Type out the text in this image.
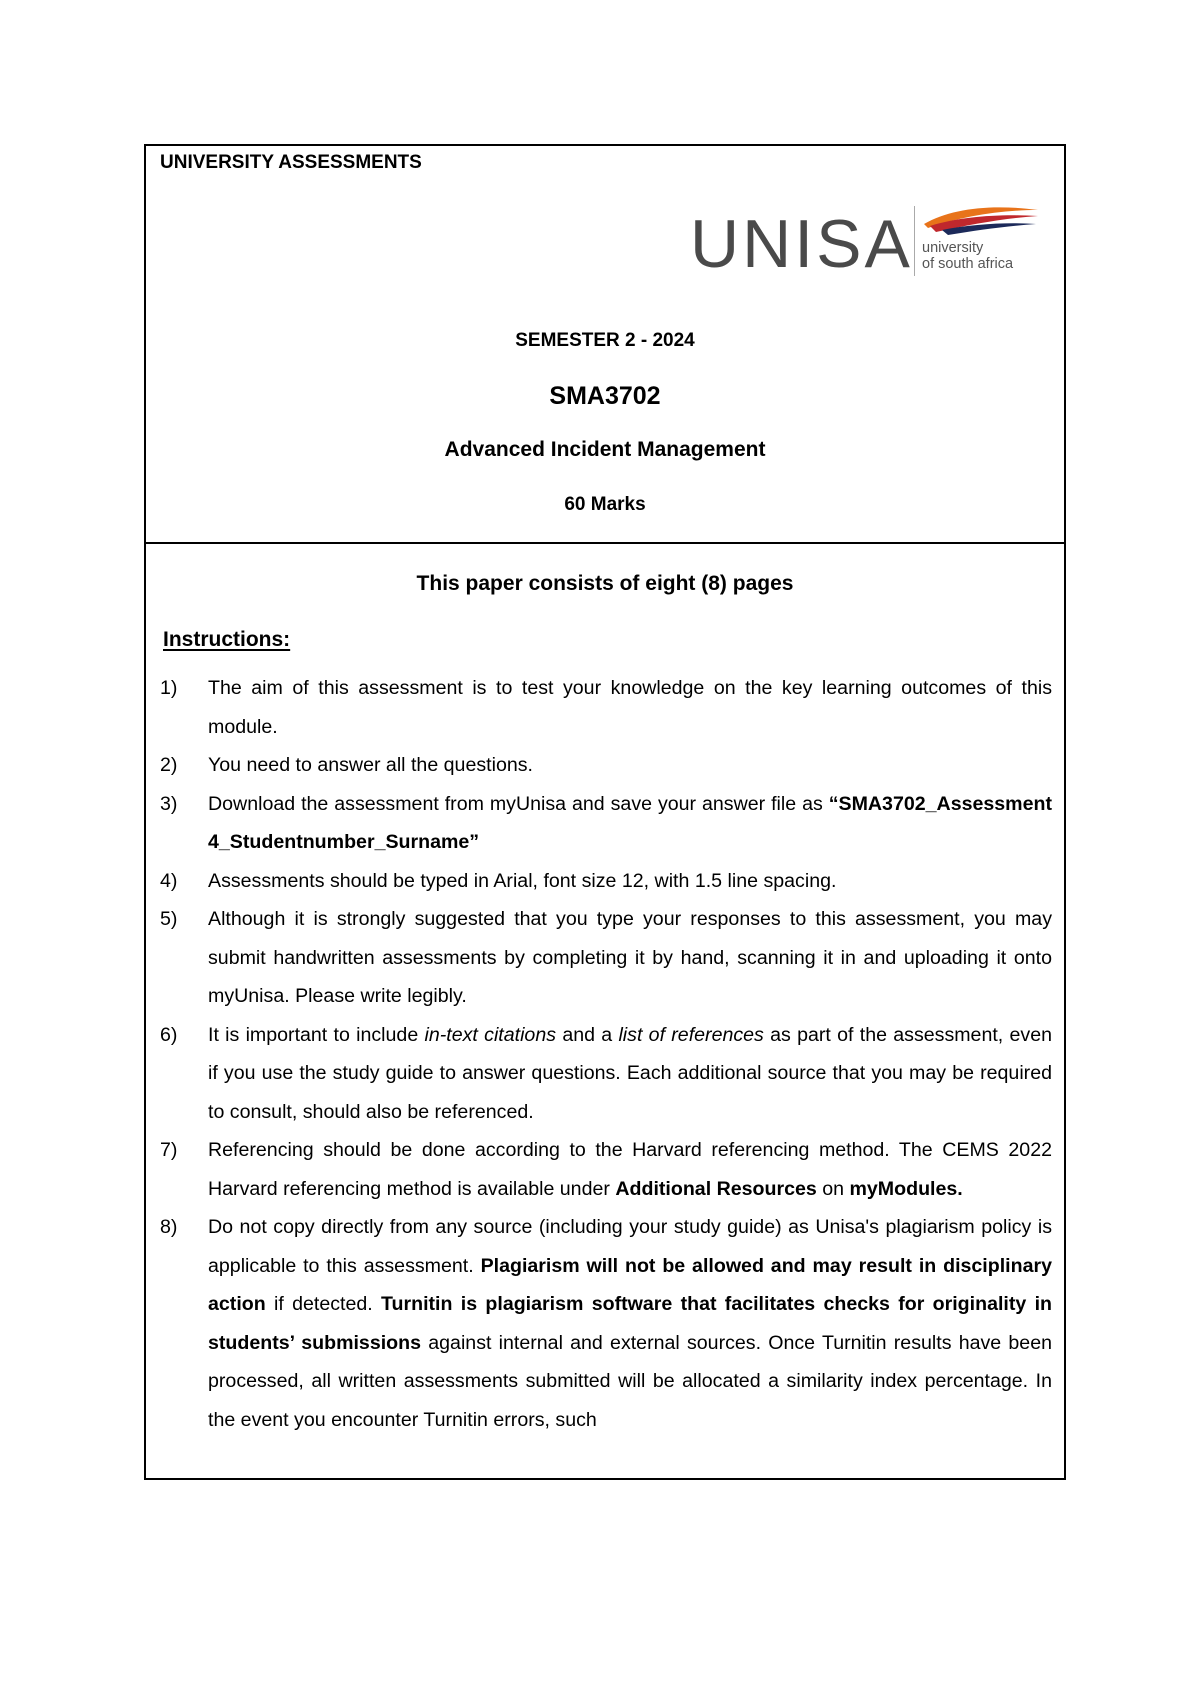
UNIVERSITY ASSESSMENTS
UNISA university
of south africa
SEMESTER 2 - 2024
SMA3702
Advanced Incident Management
60 Marks
This paper consists of eight (8) pages
Instructions:
1) The aim of this assessment is to test your knowledge on the key learning outcomes of this module.
2) You need to answer all the questions.
3) Download the assessment from myUnisa and save your answer file as “SMA3702_Assessment 4_Studentnumber_Surname”
4) Assessments should be typed in Arial, font size 12, with 1.5 line spacing.
5) Although it is strongly suggested that you type your responses to this assessment, you may submit handwritten assessments by completing it by hand, scanning it in and uploading it onto myUnisa. Please write legibly.
6) It is important to include in-text citations and a list of references as part of the assessment, even if you use the study guide to answer questions. Each additional source that you may be required to consult, should also be referenced.
7) Referencing should be done according to the Harvard referencing method. The CEMS 2022 Harvard referencing method is available under Additional Resources on myModules.
8) Do not copy directly from any source (including your study guide) as Unisa's plagiarism policy is applicable to this assessment. Plagiarism will not be allowed and may result in disciplinary action if detected. Turnitin is plagiarism software that facilitates checks for originality in students’ submissions against internal and external sources. Once Turnitin results have been processed, all written assessments submitted will be allocated a similarity index percentage. In the event you encounter Turnitin errors, such
